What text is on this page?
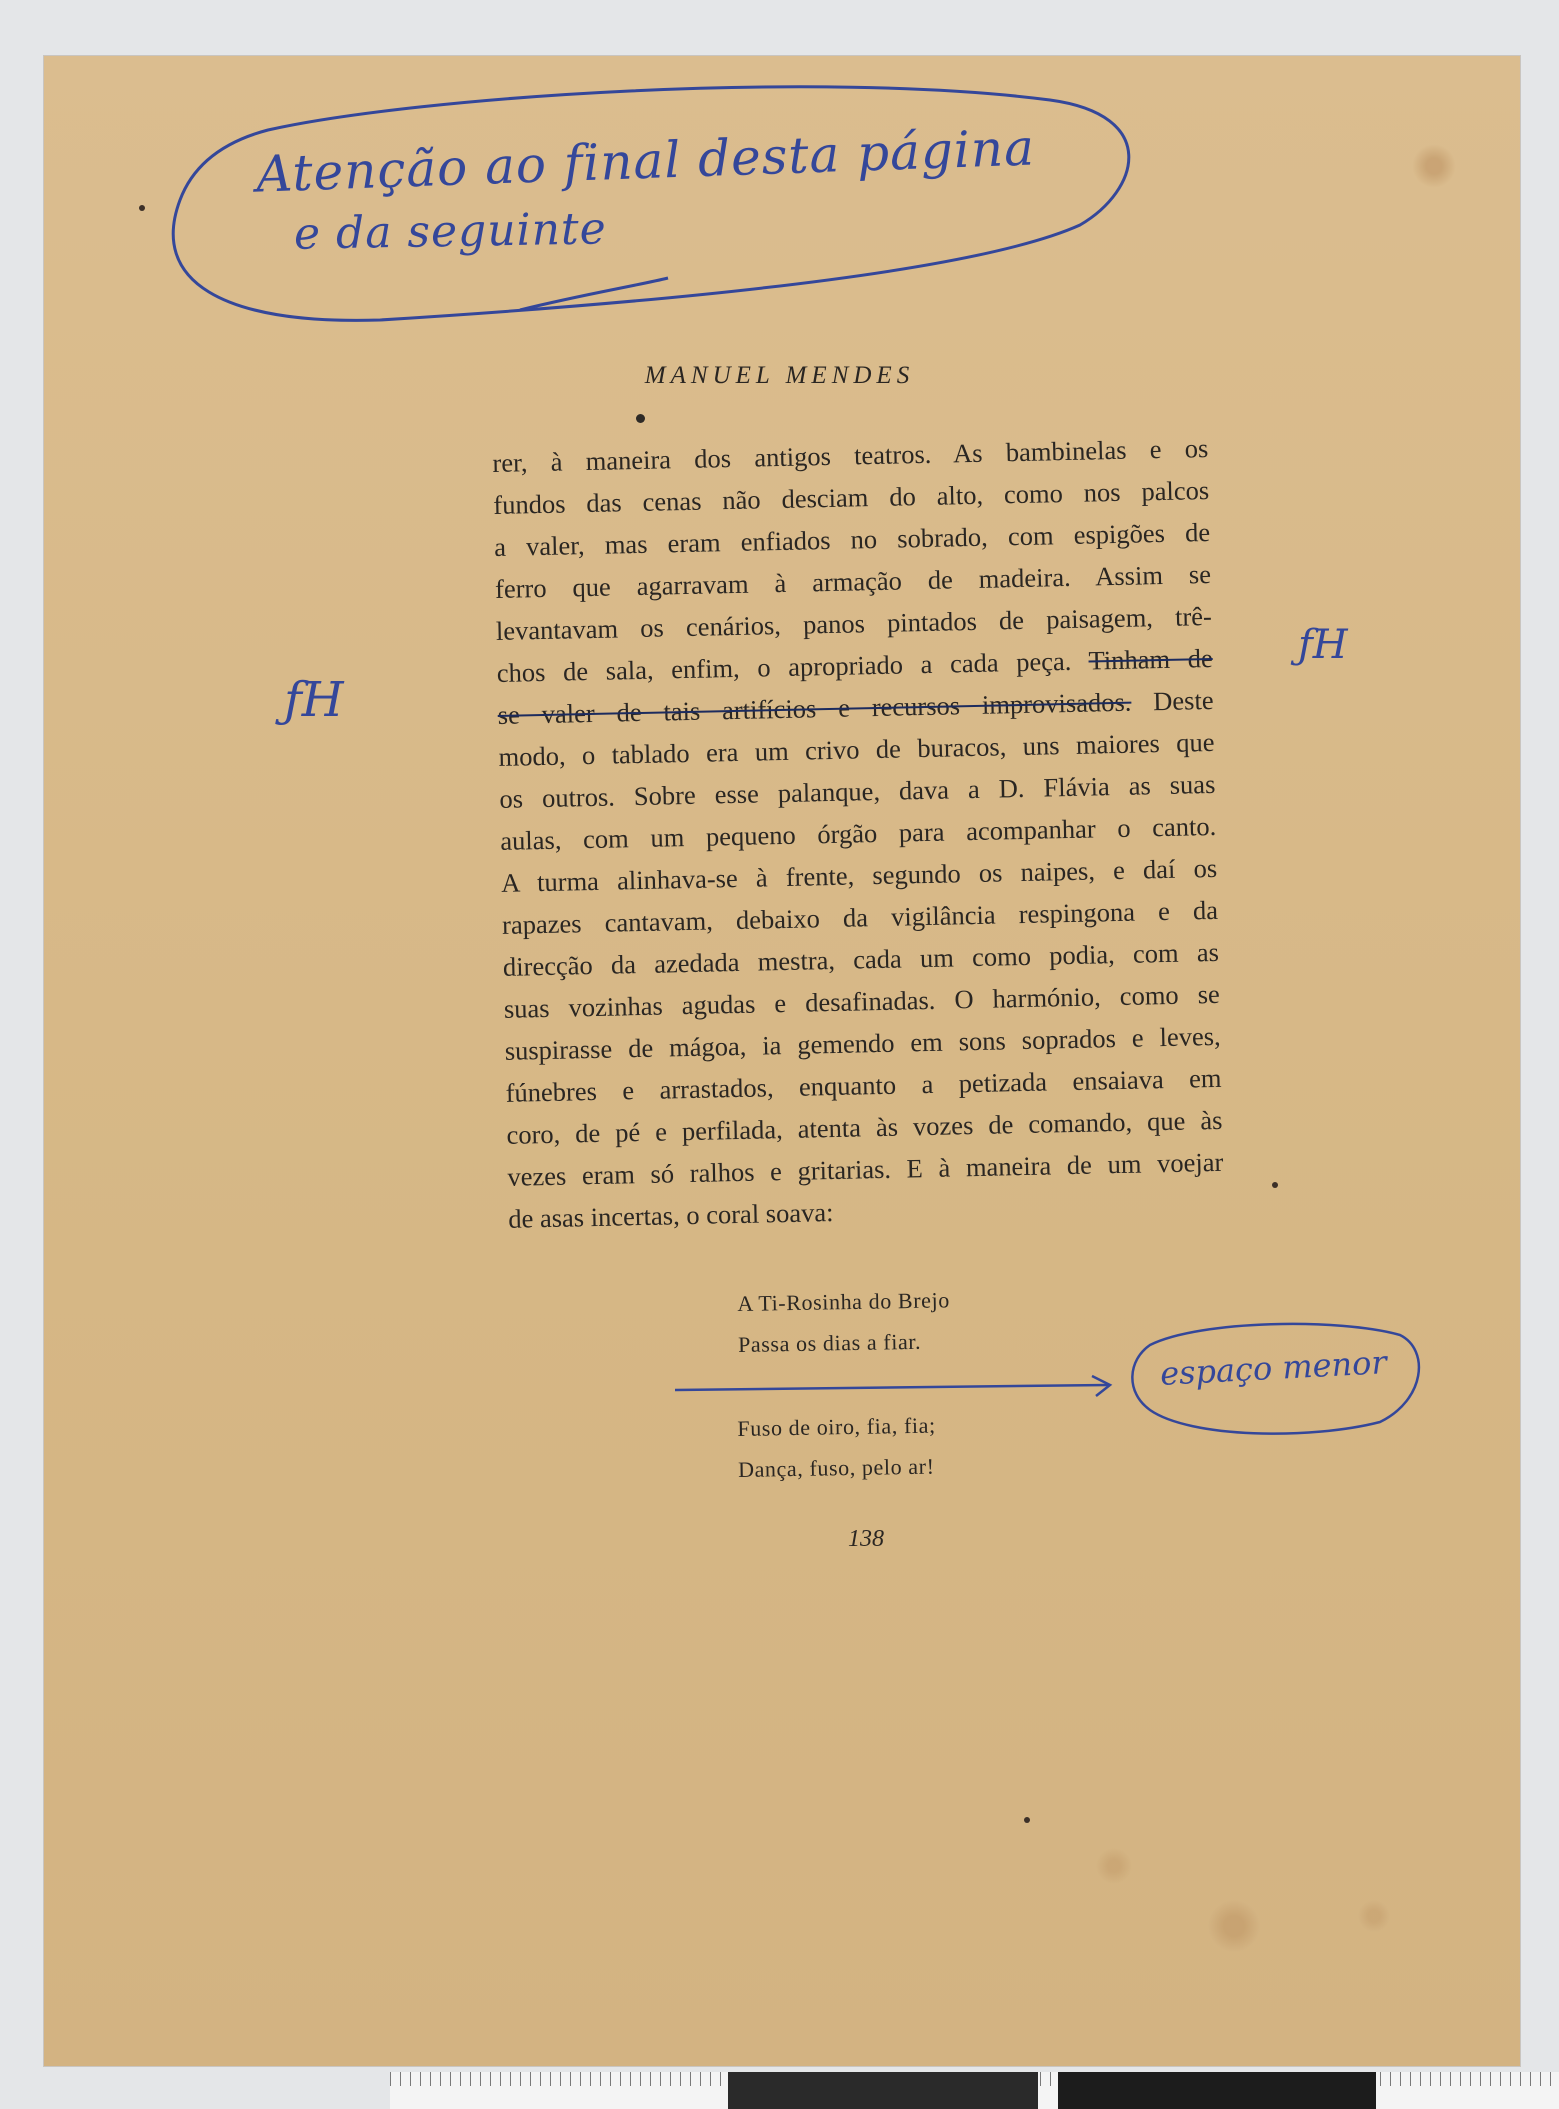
Atenção ao final desta página
e da seguinte
espaço menor
ƒH
ƒH
MANUEL MENDES
rer, à maneira dos antigos teatros. As bambinelas e os
fundos das cenas não desciam do alto, como nos palcos
a valer, mas eram enfiados no sobrado, com espigões de
ferro que agarravam à armação de madeira. Assim se
levantavam os cenários, panos pintados de paisagem, trê-
chos de sala, enfim, o apropriado a cada peça. Tinham de
se valer de tais artifícios e recursos improvisados. Deste
modo, o tablado era um crivo de buracos, uns maiores que
os outros. Sobre esse palanque, dava a D. Flávia as suas
aulas, com um pequeno órgão para acompanhar o canto.
A turma alinhava-se à frente, segundo os naipes, e daí os
rapazes cantavam, debaixo da vigilância respingona e da
direcção da azedada mestra, cada um como podia, com as
suas vozinhas agudas e desafinadas. O harmónio, como se
suspirasse de mágoa, ia gemendo em sons soprados e leves,
fúnebres e arrastados, enquanto a petizada ensaiava em
coro, de pé e perfilada, atenta às vozes de comando, que às
vezes eram só ralhos e gritarias. E à maneira de um voejar
de asas incertas, o coral soava:
A Ti-Rosinha do Brejo
Passa os dias a fiar.
Fuso de oiro, fia, fia;
Dança, fuso, pelo ar!
138
